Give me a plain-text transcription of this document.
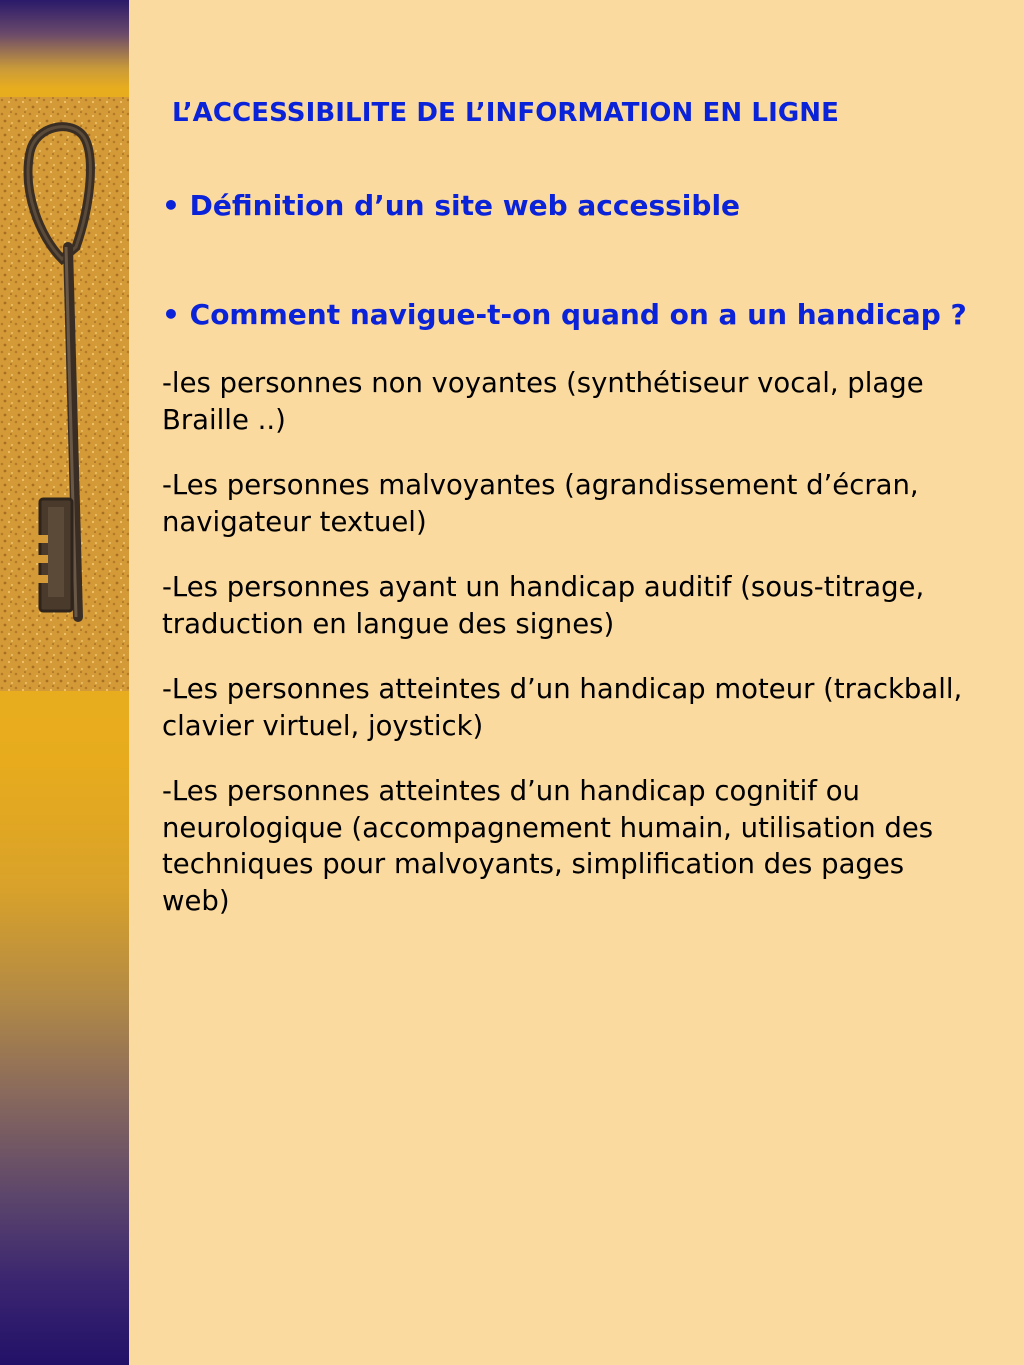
L’ACCESSIBILITE DE L’INFORMATION EN LIGNE
• Définition d’un site web accessible
• Comment navigue-t-on quand on a un handicap ?
-les personnes non voyantes (synthétiseur vocal, plage Braille ..)
-Les personnes malvoyantes (agrandissement d’écran, navigateur textuel)
-Les personnes ayant un handicap auditif (sous-titrage, traduction en langue des signes)
-Les personnes atteintes d’un handicap moteur (trackball, clavier virtuel, joystick)
-Les personnes atteintes d’un handicap cognitif ou neurologique (accompagnement humain, utilisation des techniques pour malvoyants, simplification des pages web)
